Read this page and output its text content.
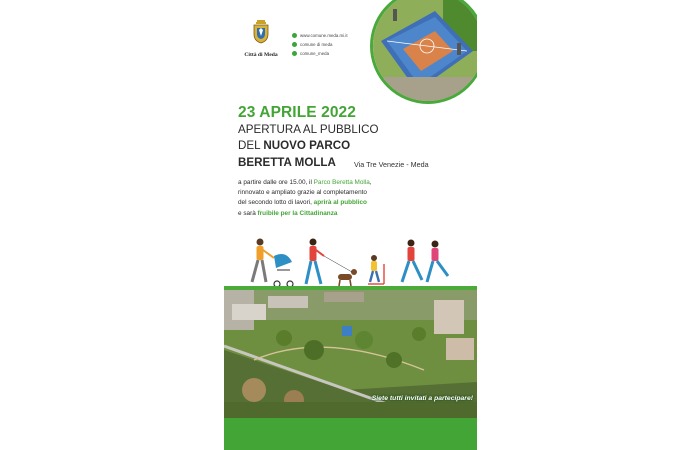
Città di Meda
www.comune.meda.mi.it
comune di meda
comune_meda
23 APRILE 2022
APERTURA AL PUBBLICO
DEL NUOVO PARCO
BERETTA MOLLA	Via Tre Venezie - Meda
a partire dalle ore 15.00, il Parco Beretta Molla,
rinnovato e ampliato grazie al completamento
del secondo lotto di lavori, aprirà al pubblico
e sarà fruibile per la Cittadinanza
Siete tutti invitati a partecipare!
